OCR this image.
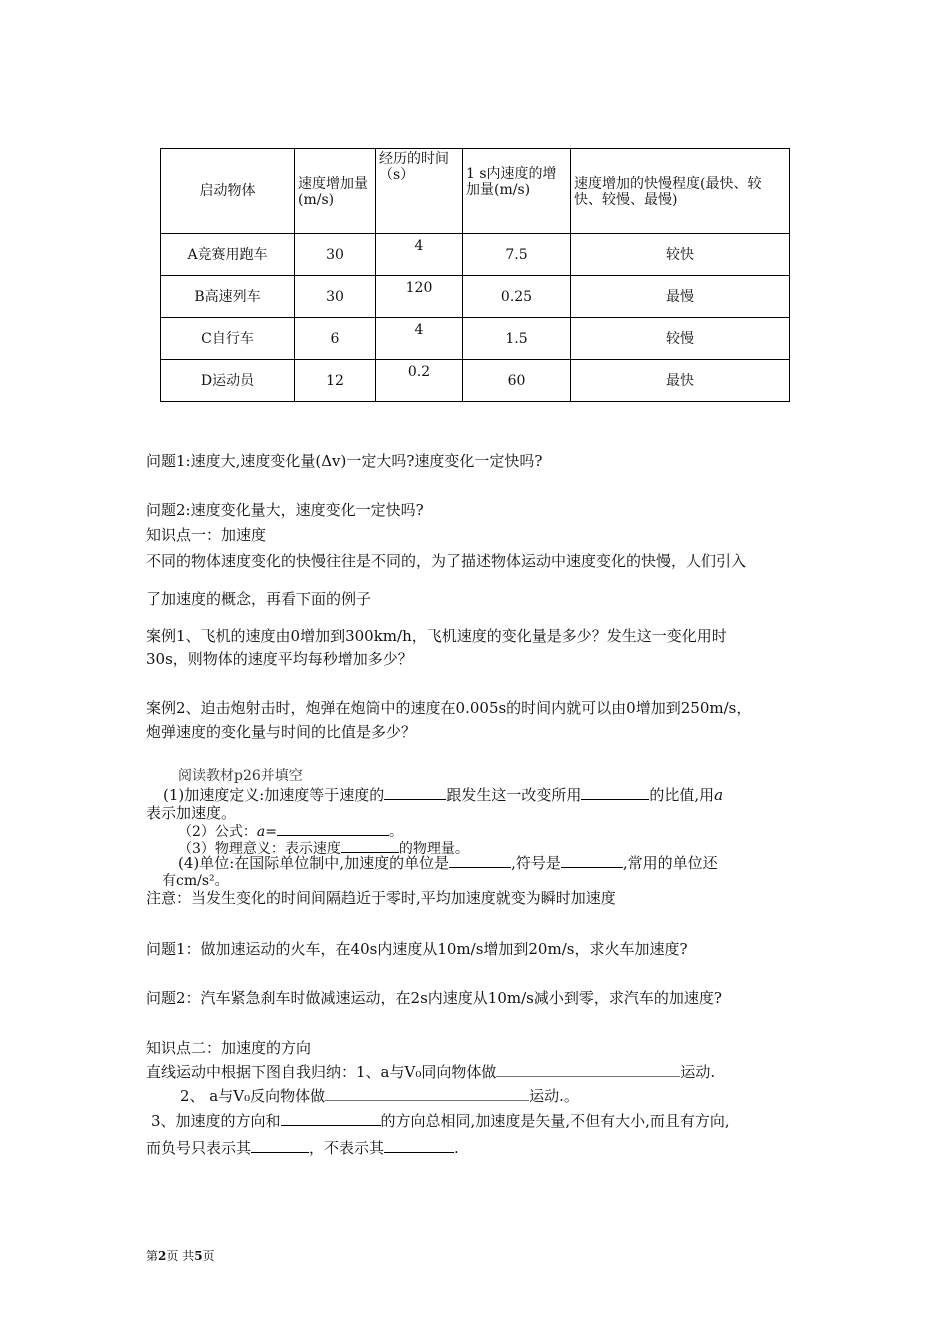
启动物体	速度增加量(m/s)	经历的时间（s）	1 s内速度的增加量(m/s)	速度增加的快慢程度(最快、较快、较慢、最慢)
A竞赛用跑车	30	4	7.5	较快
B高速列车	30	120	0.25	最慢
C自行车	6	4	1.5	较慢
D运动员	12	0.2	60	最快
问题1:速度大,速度变化量(Δv)一定大吗?速度变化一定快吗?
问题2:速度变化量大，速度变化一定快吗?
知识点一：加速度
不同的物体速度变化的快慢往往是不同的，为了描述物体运动中速度变化的快慢，人们引入
了加速度的概念，再看下面的例子
案例1、飞机的速度由0增加到300km/h，飞机速度的变化量是多少？发生这一变化用时
30s，则物体的速度平均每秒增加多少？
案例2、迫击炮射击时，炮弹在炮筒中的速度在0.005s的时间内就可以由0增加到250m/s，
炮弹速度的变化量与时间的比值是多少？
阅读教材p26并填空
(1)加速度定义:加速度等于速度的	跟发生这一改变所用	的比值,用a
表示加速度。
（2）公式：a=	。
（3）物理意义：表示速度	的物理量。
(4)单位:在国际单位制中,加速度的单位是	,符号是	,常用的单位还
有cm/s²。
注意：当发生变化的时间间隔趋近于零时,平均加速度就变为瞬时加速度
问题1：做加速运动的火车，在40s内速度从10m/s增加到20m/s，求火车加速度?
问题2：汽车紧急刹车时做减速运动，在2s内速度从10m/s减小到零，求汽车的加速度?
知识点二：加速度的方向
直线运动中根据下图自我归纳：1、a与V₀同向物体做	运动.
2、 a与V₀反向物体做	运动.。
3、加速度的方向和	的方向总相同,加速度是矢量,不但有大小,而且有方向,
而负号只表示其	，不表示其	.
第2页 共5页
